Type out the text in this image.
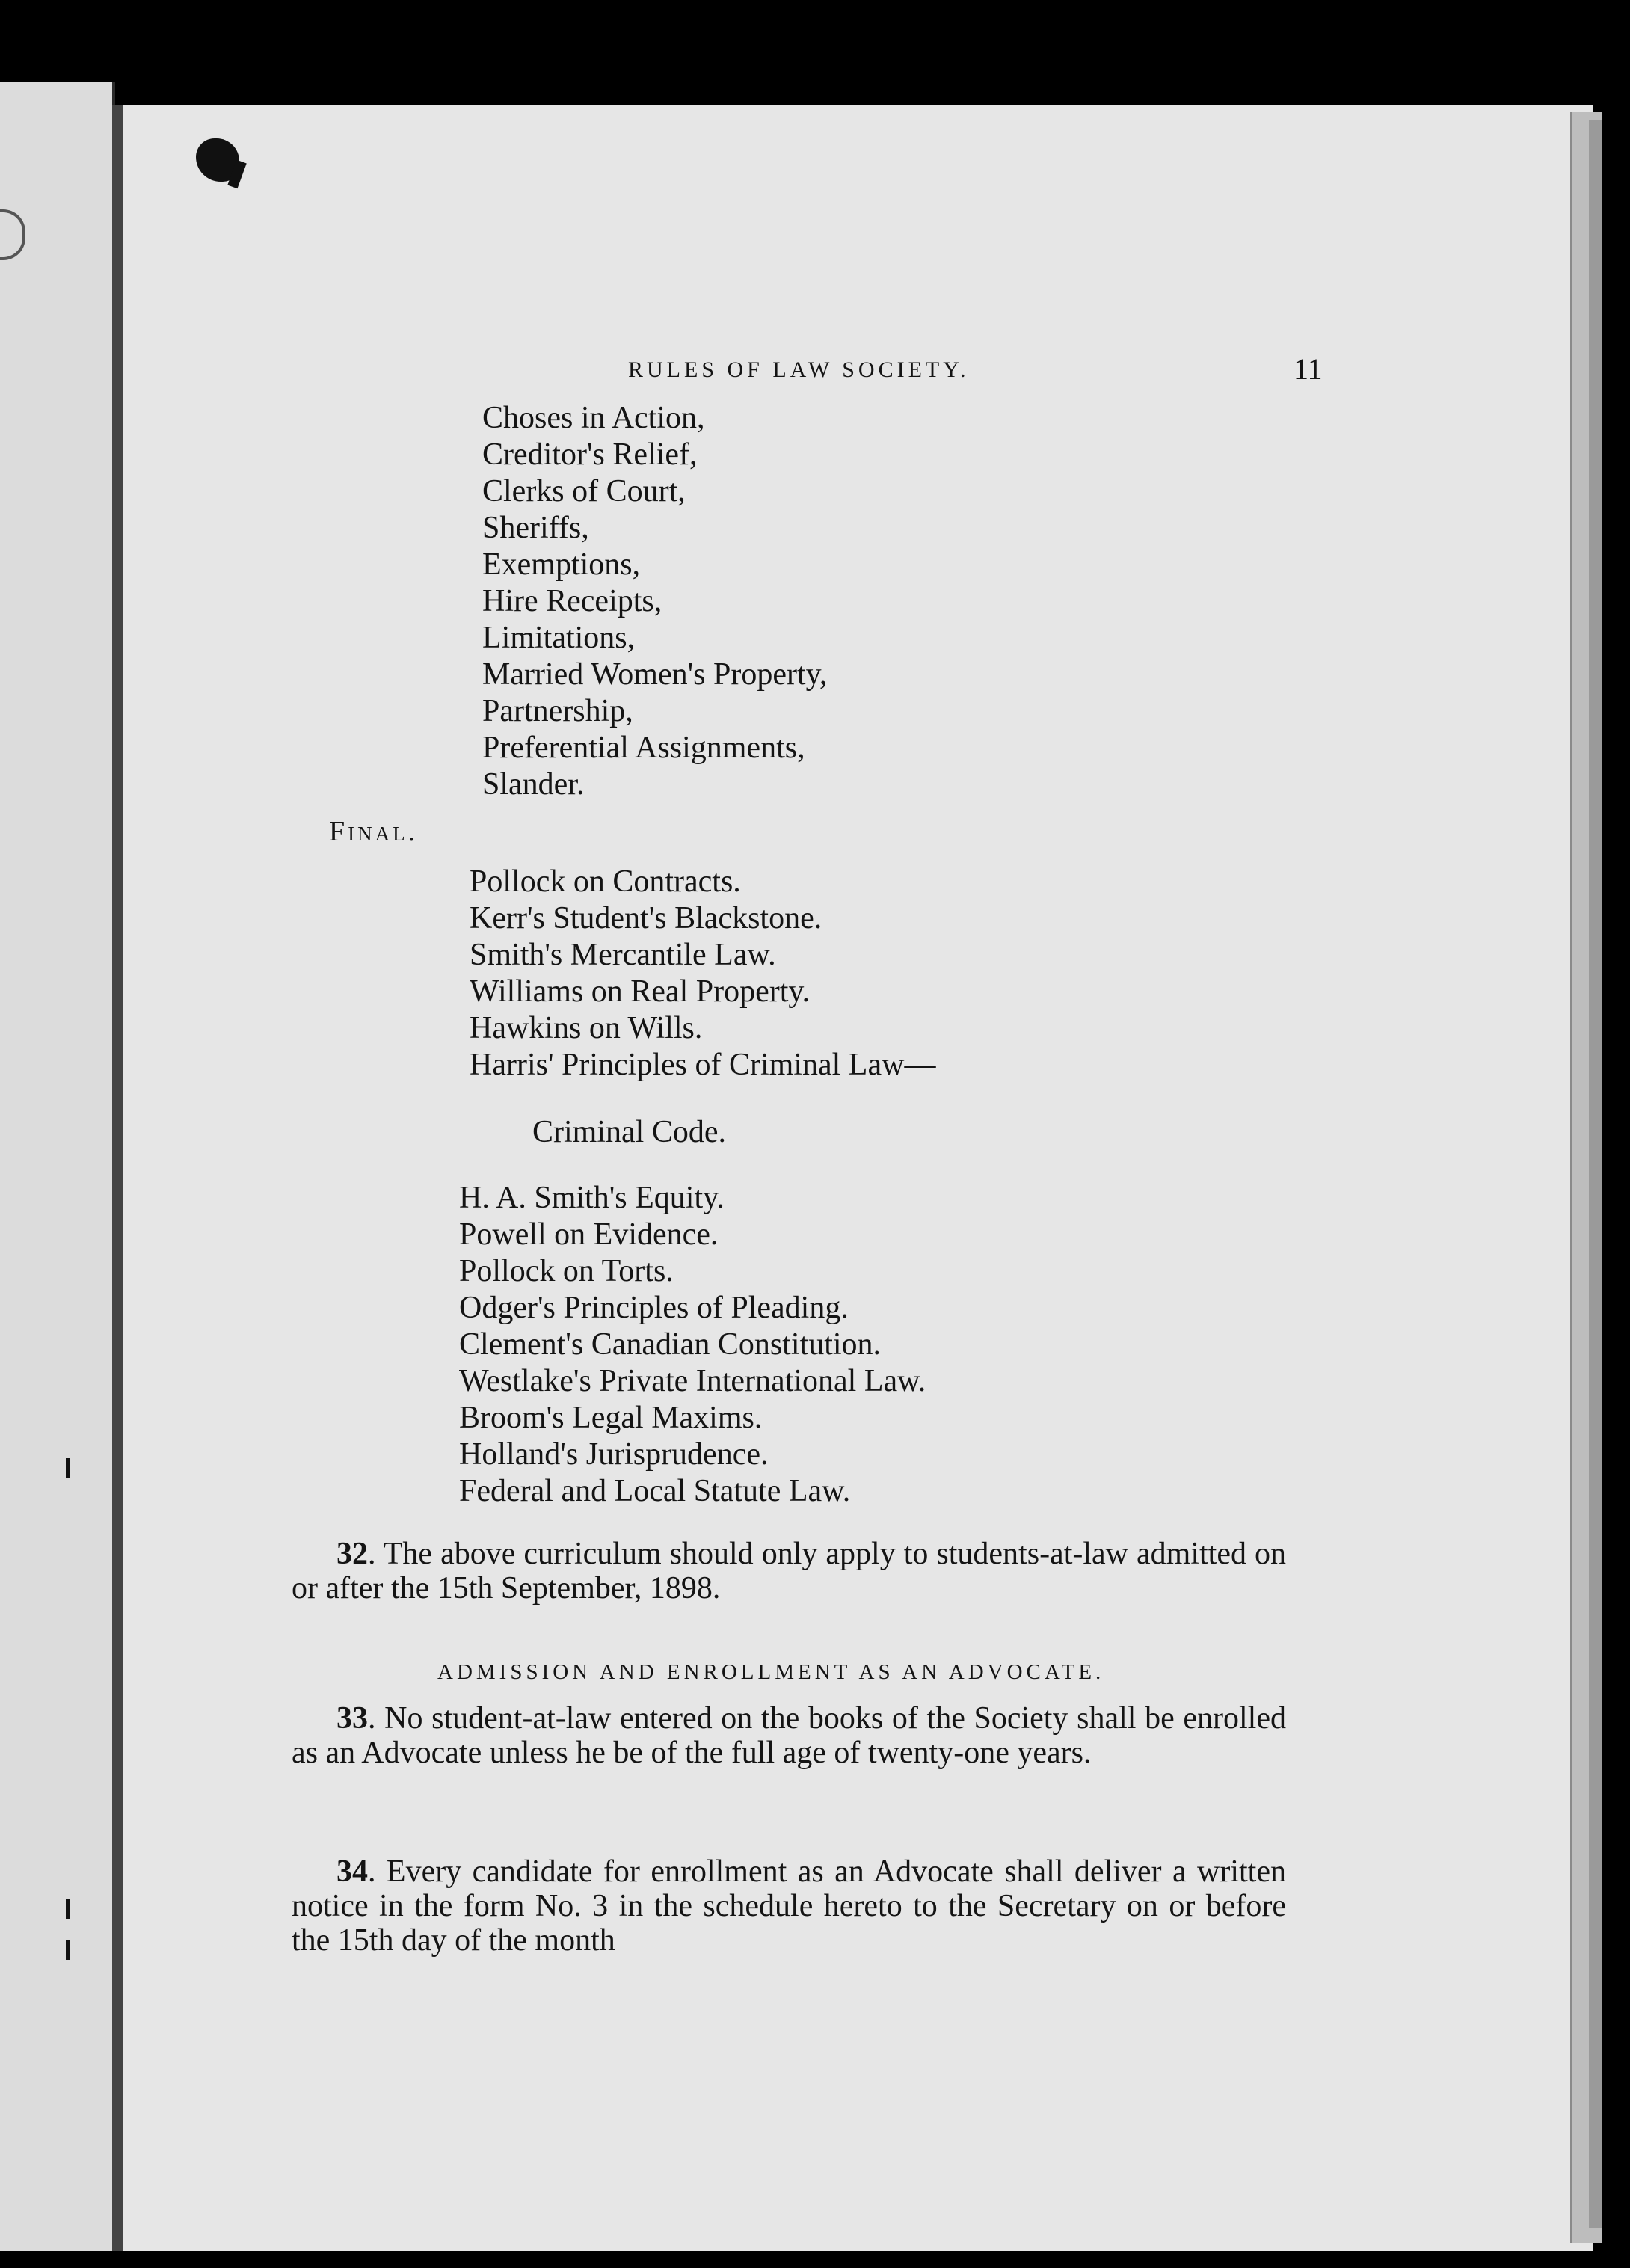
RULES OF LAW SOCIETY.	11
Choses in Action,
Creditor's Relief,
Clerks of Court,
Sheriffs,
Exemptions,
Hire Receipts,
Limitations,
Married Women's Property,
Partnership,
Preferential Assignments,
Slander.
Final.
Pollock on Contracts.
Kerr's Student's Blackstone.
Smith's Mercantile Law.
Williams on Real Property.
Hawkins on Wills.
Harris' Principles of Criminal Law—
Criminal Code.
H. A. Smith's Equity.
Powell on Evidence.
Pollock on Torts.
Odger's Principles of Pleading.
Clement's Canadian Constitution.
Westlake's Private International Law.
Broom's Legal Maxims.
Holland's Jurisprudence.
Federal and Local Statute Law.
32. The above curriculum should only apply to students-at-law admitted on or after the 15th September, 1898.
ADMISSION AND ENROLLMENT AS AN ADVOCATE.
33. No student-at-law entered on the books of the Society shall be enrolled as an Advocate unless he be of the full age of twenty-one years.
34. Every candidate for enrollment as an Advocate shall deliver a written notice in the form No. 3 in the schedule hereto to the Secretary on or before the 15th day of the month
